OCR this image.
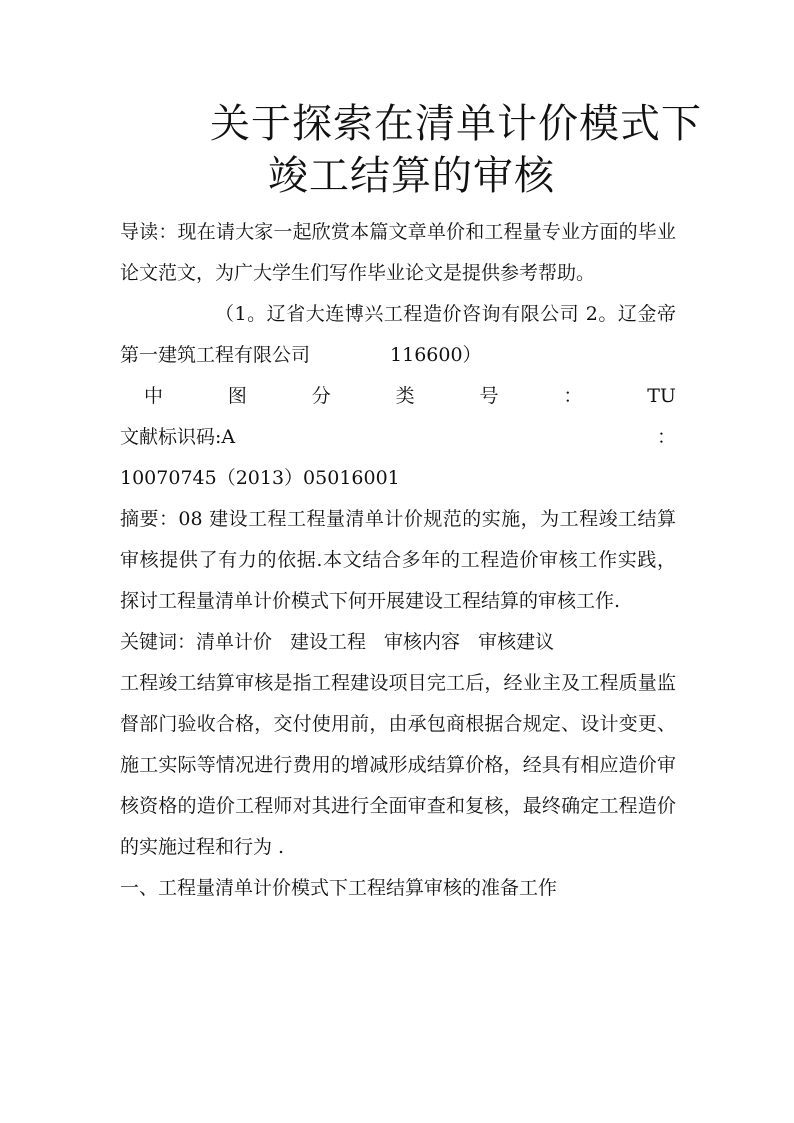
关于探索在清单计价模式下
竣工结算的审核

导读：现在请大家一起欣赏本篇文章单价和工程量专业方面的毕业论文范文，为广大学生们写作毕业论文是提供参考帮助。

（1。辽省大连博兴工程造价咨询有限公司 2。辽金帝第一建筑工程有限公司	116600）

中	图	分	类	号	：	TU
文献标识码:A	：

10070745（2013）05016001

摘要：08 建设工程工程量清单计价规范的实施，为工程竣工结算审核提供了有力的依据.本文结合多年的工程造价审核工作实践，探讨工程量清单计价模式下何开展建设工程结算的审核工作.

关键词： 清单计价 建设工程 审核内容 审核建议

工程竣工结算审核是指工程建设项目完工后，经业主及工程质量监督部门验收合格，交付使用前，由承包商根据合规定、设计变更、施工实际等情况进行费用的增减形成结算价格，经具有相应造价审核资格的造价工程师对其进行全面审查和复核，最终确定工程造价的实施过程和行为 .

一、工程量清单计价模式下工程结算审核的准备工作
